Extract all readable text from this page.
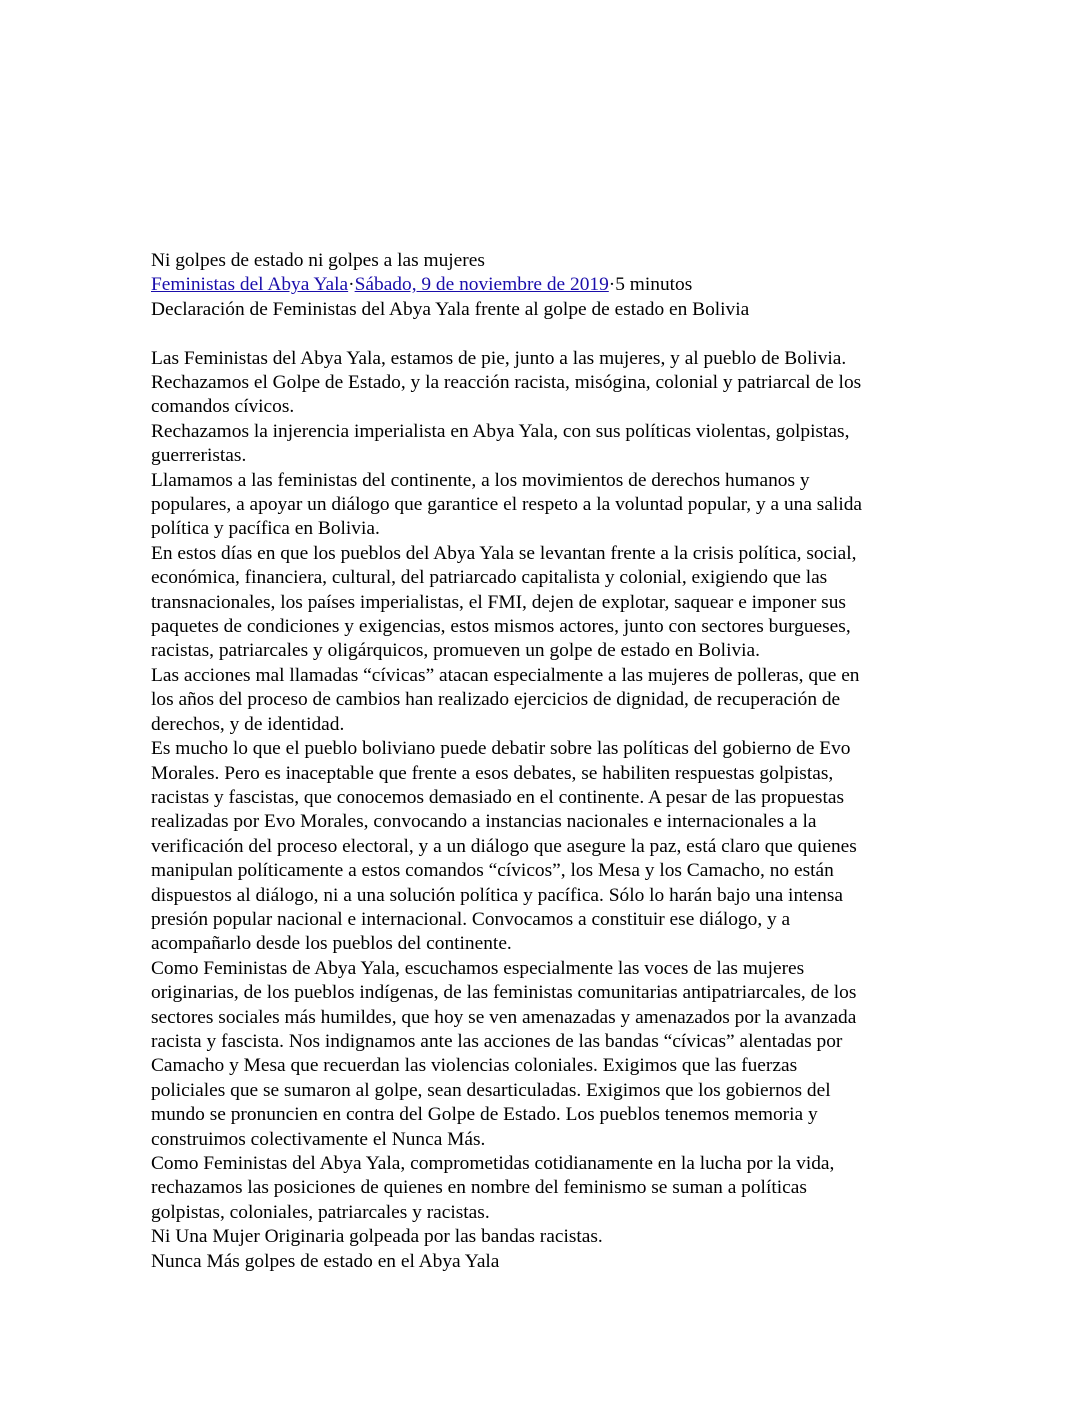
Ni golpes de estado ni golpes a las mujeres
Feministas del Abya Yala·Sábado, 9 de noviembre de 2019·5 minutos
Declaración de Feministas del Abya Yala frente al golpe de estado en Bolivia
Las Feministas del Abya Yala, estamos de pie, junto a las mujeres, y al pueblo de Bolivia.
Rechazamos el Golpe de Estado, y la reacción racista, misógina, colonial y patriarcal de los
comandos cívicos.
Rechazamos la injerencia imperialista en Abya Yala, con sus políticas violentas, golpistas,
guerreristas.
Llamamos a las feministas del continente, a los movimientos de derechos humanos y
populares, a apoyar un diálogo que garantice el respeto a la voluntad popular, y a una salida
política y pacífica en Bolivia.
En estos días en que los pueblos del Abya Yala se levantan frente a la crisis política, social,
económica, financiera, cultural, del patriarcado capitalista y colonial, exigiendo que las
transnacionales, los países imperialistas, el FMI, dejen de explotar, saquear e imponer sus
paquetes de condiciones y exigencias, estos mismos actores, junto con sectores burgueses,
racistas, patriarcales y oligárquicos, promueven un golpe de estado en Bolivia.
Las acciones mal llamadas “cívicas” atacan especialmente a las mujeres de polleras, que en
los años del proceso de cambios han realizado ejercicios de dignidad, de recuperación de
derechos, y de identidad.
Es mucho lo que el pueblo boliviano puede debatir sobre las políticas del gobierno de Evo
Morales. Pero es inaceptable que frente a esos debates, se habiliten respuestas golpistas,
racistas y fascistas, que conocemos demasiado en el continente. A pesar de las propuestas
realizadas por Evo Morales, convocando a instancias nacionales e internacionales a la
verificación del proceso electoral, y a un diálogo que asegure la paz, está claro que quienes
manipulan políticamente a estos comandos “cívicos”, los Mesa y los Camacho, no están
dispuestos al diálogo, ni a una solución política y pacífica. Sólo lo harán bajo una intensa
presión popular nacional e internacional. Convocamos a constituir ese diálogo, y a
acompañarlo desde los pueblos del continente.
Como Feministas de Abya Yala, escuchamos especialmente las voces de las mujeres
originarias, de los pueblos indígenas, de las feministas comunitarias antipatriarcales, de los
sectores sociales más humildes, que hoy se ven amenazadas y amenazados por la avanzada
racista y fascista. Nos indignamos ante las acciones de las bandas “cívicas” alentadas por
Camacho y Mesa que recuerdan las violencias coloniales. Exigimos que las fuerzas
policiales que se sumaron al golpe, sean desarticuladas. Exigimos que los gobiernos del
mundo se pronuncien en contra del Golpe de Estado. Los pueblos tenemos memoria y
construimos colectivamente el Nunca Más.
Como Feministas del Abya Yala, comprometidas cotidianamente en la lucha por la vida,
rechazamos las posiciones de quienes en nombre del feminismo se suman a políticas
golpistas, coloniales, patriarcales y racistas.
Ni Una Mujer Originaria golpeada por las bandas racistas.
Nunca Más golpes de estado en el Abya Yala
